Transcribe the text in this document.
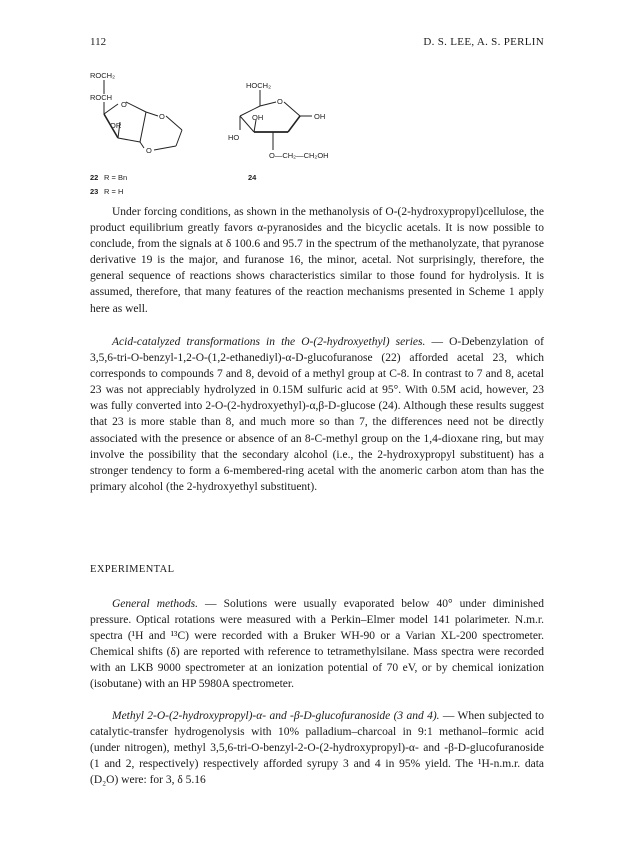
112	D. S. LEE, A. S. PERLIN
ROCH₂
ROCH
O
OR
O
O
22 R = Bn
23 R = H
HOCH₂
O
OH
OH
HO
O—CH₂—CH₂OH
24

Under forcing conditions, as shown in the methanolysis of O-(2-hydroxypropyl)cellulose, the product equilibrium greatly favors α-pyranosides and the bicyclic acetals. It is now possible to conclude, from the signals at δ 100.6 and 95.7 in the spectrum of the methanolyzate, that pyranose derivative 19 is the major, and furanose 16, the minor, acetal. Not surprisingly, therefore, the general sequence of reactions shows characteristics similar to those found for hydrolysis. It is assumed, therefore, that many features of the reaction mechanisms presented in Scheme 1 apply here as well.

Acid-catalyzed transformations in the O-(2-hydroxyethyl) series. — O-Debenzylation of 3,5,6-tri-O-benzyl-1,2-O-(1,2-ethanediyl)-α-D-glucofuranose (22) afforded acetal 23, which corresponds to compounds 7 and 8, devoid of a methyl group at C-8. In contrast to 7 and 8, acetal 23 was not appreciably hydrolyzed in 0.15M sulfuric acid at 95°. With 0.5M acid, however, 23 was fully converted into 2-O-(2-hydroxyethyl)-α,β-D-glucose (24). Although these results suggest that 23 is more stable than 8, and much more so than 7, the differences need not be directly associated with the presence or absence of an 8-C-methyl group on the 1,4-dioxane ring, but may involve the possibility that the secondary alcohol (i.e., the 2-hydroxypropyl substituent) has a stronger tendency to form a 6-membered-ring acetal with the anomeric carbon atom than has the primary alcohol (the 2-hydroxyethyl substituent).

EXPERIMENTAL

General methods. — Solutions were usually evaporated below 40° under diminished pressure. Optical rotations were measured with a Perkin–Elmer model 141 polarimeter. N.m.r. spectra (¹H and ¹³C) were recorded with a Bruker WH-90 or a Varian XL-200 spectrometer. Chemical shifts (δ) are reported with reference to tetramethylsilane. Mass spectra were recorded with an LKB 9000 spectrometer at an ionization potential of 70 eV, or by chemical ionization (isobutane) with an HP 5980A spectrometer.

Methyl 2-O-(2-hydroxypropyl)-α- and -β-D-glucofuranoside (3 and 4). — When subjected to catalytic-transfer hydrogenolysis with 10% palladium–charcoal in 9:1 methanol–formic acid (under nitrogen), methyl 3,5,6-tri-O-benzyl-2-O-(2-hydroxypropyl)-α- and -β-D-glucofuranoside (1 and 2, respectively) respectively afforded syrupy 3 and 4 in 95% yield. The ¹H-n.m.r. data (D₂O) were: for 3, δ 5.16
